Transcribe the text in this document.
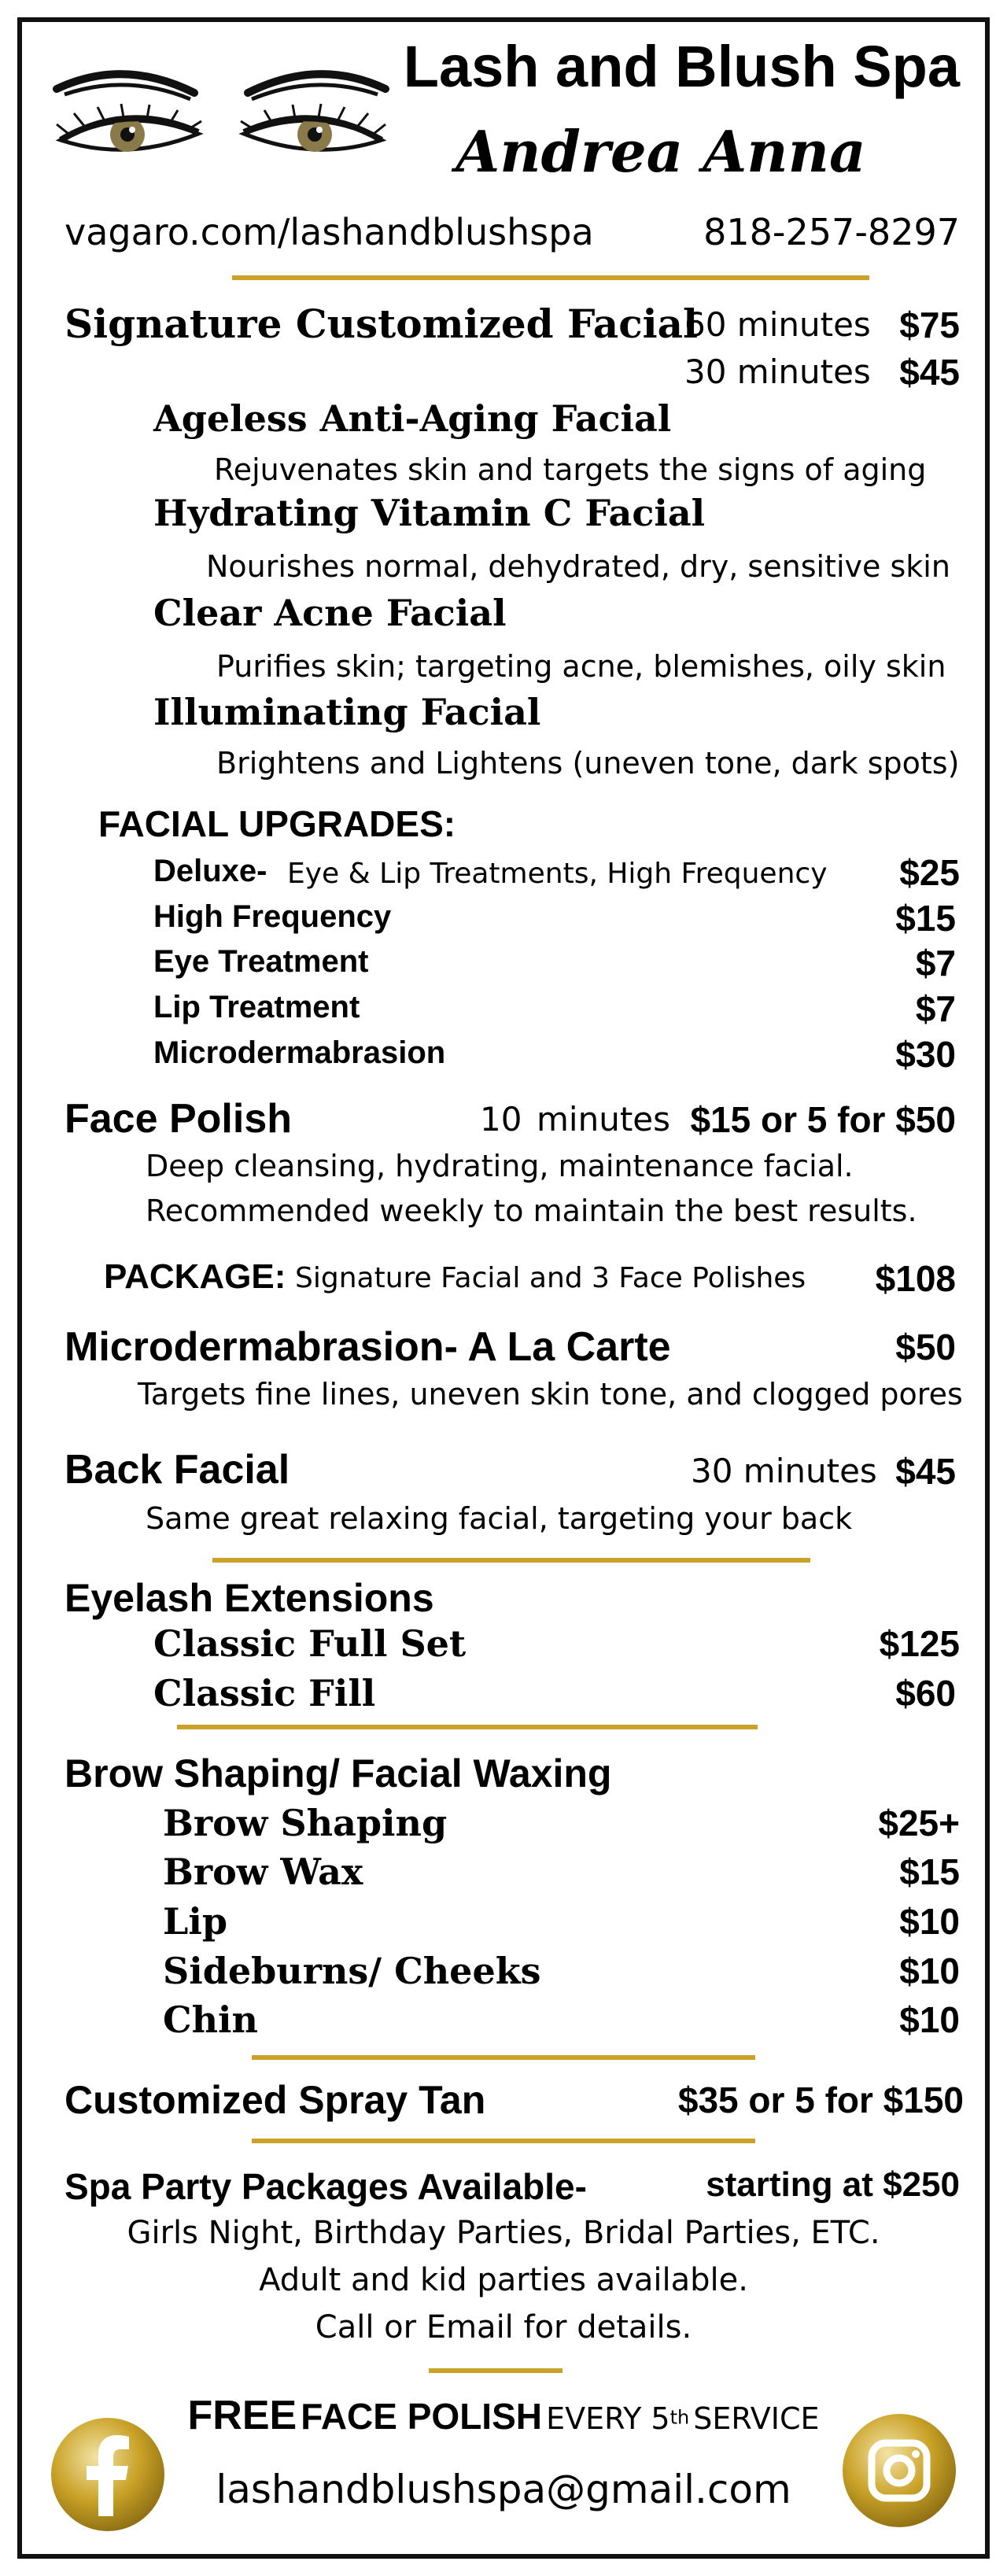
Lash and Blush Spa
Andrea Anna
vagaro.com/lashandblushspa	818-257-8297
Signature Customized Facial
60 minutes $75
30 minutes $45
Ageless Anti-Aging Facial
Rejuvenates skin and targets the signs of aging
Hydrating Vitamin C Facial
Nourishes normal, dehydrated, dry, sensitive skin
Clear Acne Facial
Purifies skin; targeting acne, blemishes, oily skin
Illuminating Facial
Brightens and Lightens (uneven tone, dark spots)
FACIAL UPGRADES:
Deluxe- Eye & Lip Treatments, High Frequency $25
High Frequency	$15
Eye Treatment	$7
Lip Treatment	$7
Microdermabrasion	$30
Face Polish	10 minutes $15 or 5 for $50
Deep cleansing, hydrating, maintenance facial.
Recommended weekly to maintain the best results.
PACKAGE: Signature Facial and 3 Face Polishes $108
Microdermabrasion- A La Carte	$50
Targets fine lines, uneven skin tone, and clogged pores
Back Facial	30 minutes $45
Same great relaxing facial, targeting your back
Eyelash Extensions
Classic Full Set	$125
Classic Fill	$60
Brow Shaping/ Facial Waxing
Brow Shaping	$25+
Brow Wax	$15
Lip	$10
Sideburns/ Cheeks	$10
Chin	$10
Customized Spray Tan	$35 or 5 for $150
Spa Party Packages Available-	starting at $250
Girls Night, Birthday Parties, Bridal Parties, ETC.
Adult and kid parties available.
Call or Email for details.
FREE FACE POLISH EVERY 5th SERVICE
lashandblushspa@gmail.com
